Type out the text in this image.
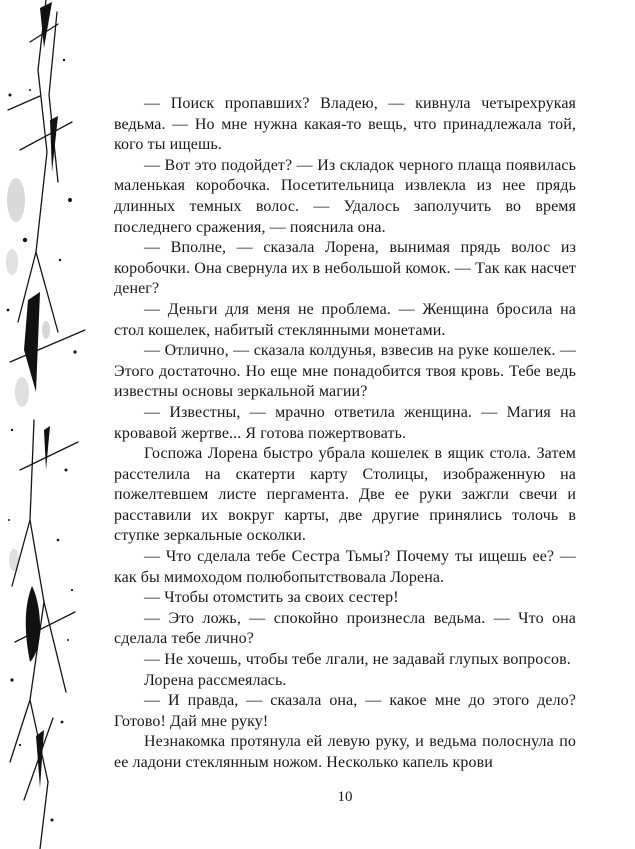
— Поиск пропавших? Владею, — кивнула четырехрукая ведьма. — Но мне нужна какая-то вещь, что принадлежала той, кого ты ищешь.

— Вот это подойдет? — Из складок черного плаща появилась маленькая коробочка. Посетительница извлекла из нее прядь длинных темных волос. — Удалось заполучить во время последнего сражения, — пояснила она.

— Вполне, — сказала Лорена, вынимая прядь волос из коробочки. Она свернула их в небольшой комок. — Так как насчет денег?

— Деньги для меня не проблема. — Женщина бросила на стол кошелек, набитый стеклянными монетами.

— Отлично, — сказала колдунья, взвесив на руке кошелек. — Этого достаточно. Но еще мне понадобится твоя кровь. Тебе ведь известны основы зеркальной магии?

— Известны, — мрачно ответила женщина. — Магия на кровавой жертве... Я готова пожертвовать.

Госпожа Лорена быстро убрала кошелек в ящик стола. Затем расстелила на скатерти карту Столицы, изображенную на пожелтевшем листе пергамента. Две ее руки зажгли свечи и расставили их вокруг карты, две другие принялись толочь в ступке зеркальные осколки.

— Что сделала тебе Сестра Тьмы? Почему ты ищешь ее? — как бы мимоходом полюбопытствовала Лорена.

— Чтобы отомстить за своих сестер!

— Это ложь, — спокойно произнесла ведьма. — Что она сделала тебе лично?

— Не хочешь, чтобы тебе лгали, не задавай глупых вопросов.

Лорена рассмеялась.

— И правда, — сказала она, — какое мне до этого дело? Готово! Дай мне руку!

Незнакомка протянула ей левую руку, и ведьма полоснула по ее ладони стеклянным ножом. Несколько капель крови

10
